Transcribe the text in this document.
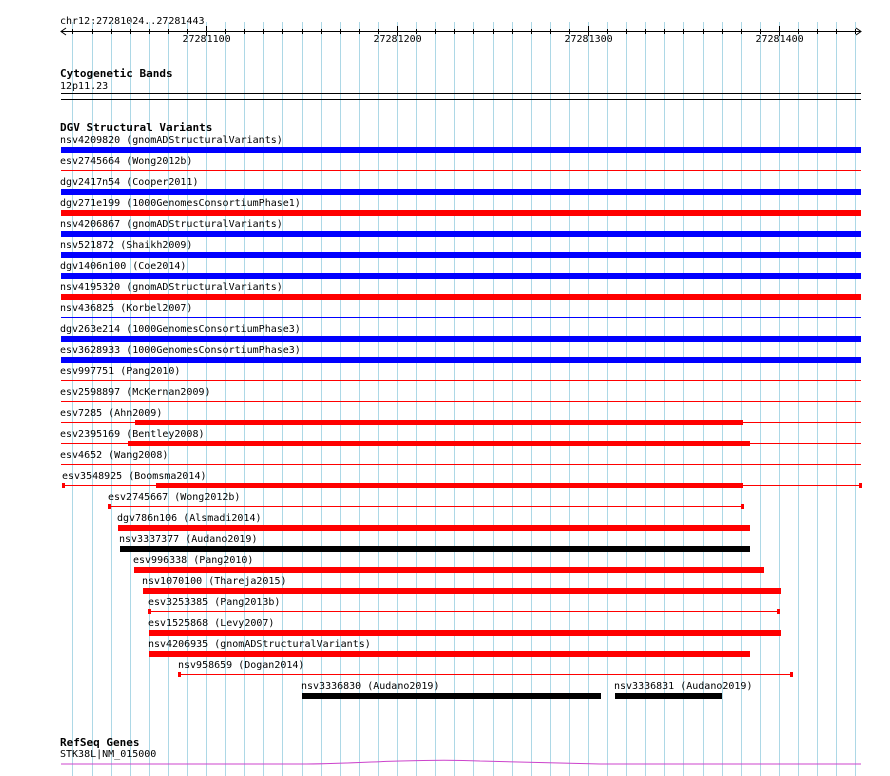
chr12:27281024..27281443
Cytogenetic Bands
12p11.23
DGV Structural Variants
nsv4209820 (gnomADStructuralVariants)
esv2745664 (Wong2012b)
dgv2417n54 (Cooper2011)
dgv271e199 (1000GenomesConsortiumPhase1)
nsv4206867 (gnomADStructuralVariants)
nsv521872 (Shaikh2009)
dgv1406n100 (Coe2014)
nsv4195320 (gnomADStructuralVariants)
nsv436825 (Korbel2007)
dgv263e214 (1000GenomesConsortiumPhase3)
esv3628933 (1000GenomesConsortiumPhase3)
esv997751 (Pang2010)
esv2598897 (McKernan2009)
esv7285 (Ahn2009)
esv2395169 (Bentley2008)
esv4652 (Wang2008)
esv3548925 (Boomsma2014)
esv2745667 (Wong2012b)
dgv786n106 (Alsmadi2014)
nsv3337377 (Audano2019)
esv996338 (Pang2010)
nsv1070100 (Thareja2015)
esv3253385 (Pang2013b)
esv1525868 (Levy2007)
nsv4206935 (gnomADStructuralVariants)
nsv958659 (Dogan2014)
nsv3336830 (Audano2019)	nsv3336831 (Audano2019)
RefSeq Genes
STK38L|NM_015000
27281100	27281200	27281300	27281400
